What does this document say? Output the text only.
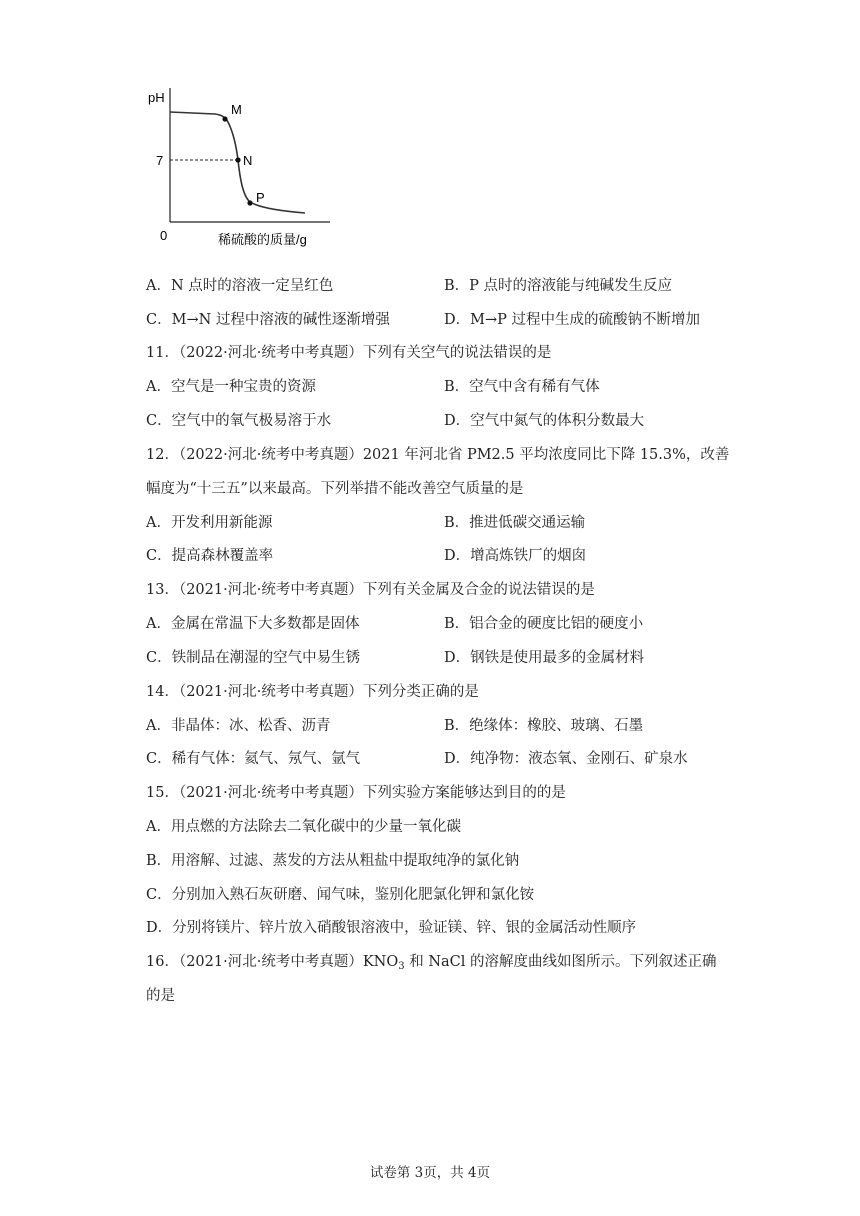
pH
7
0	稀硫酸的质量/g
M
N
P
A．N 点时的溶液一定呈红色	B．P 点时的溶液能与纯碱发生反应
C．M→N 过程中溶液的碱性逐渐增强	D．M→P 过程中生成的硫酸钠不断增加
11．（2022·河北·统考中考真题）下列有关空气的说法错误的是
A．空气是一种宝贵的资源	B．空气中含有稀有气体
C．空气中的氧气极易溶于水	D．空气中氮气的体积分数最大
12．（2022·河北·统考中考真题）2021 年河北省 PM2.5 平均浓度同比下降 15.3%，改善
幅度为“十三五”以来最高。下列举措不能改善空气质量的是
A．开发利用新能源	B．推进低碳交通运输
C．提高森林覆盖率	D．增高炼铁厂的烟囱
13．（2021·河北·统考中考真题）下列有关金属及合金的说法错误的是
A．金属在常温下大多数都是固体	B．铝合金的硬度比铝的硬度小
C．铁制品在潮湿的空气中易生锈	D．钢铁是使用最多的金属材料
14．（2021·河北·统考中考真题）下列分类正确的是
A．非晶体：冰、松香、沥青	B．绝缘体：橡胶、玻璃、石墨
C．稀有气体：氦气、氖气、氩气	D．纯净物：液态氧、金刚石、矿泉水
15．（2021·河北·统考中考真题）下列实验方案能够达到目的的是
A．用点燃的方法除去二氧化碳中的少量一氧化碳
B．用溶解、过滤、蒸发的方法从粗盐中提取纯净的氯化钠
C．分别加入熟石灰研磨、闻气味，鉴别化肥氯化钾和氯化铵
D．分别将镁片、锌片放入硝酸银溶液中，验证镁、锌、银的金属活动性顺序
16．（2021·河北·统考中考真题）$KNO_3$ 和 NaCl 的溶解度曲线如图所示。下列叙述正确
的是
试卷第 3页，共 4页
